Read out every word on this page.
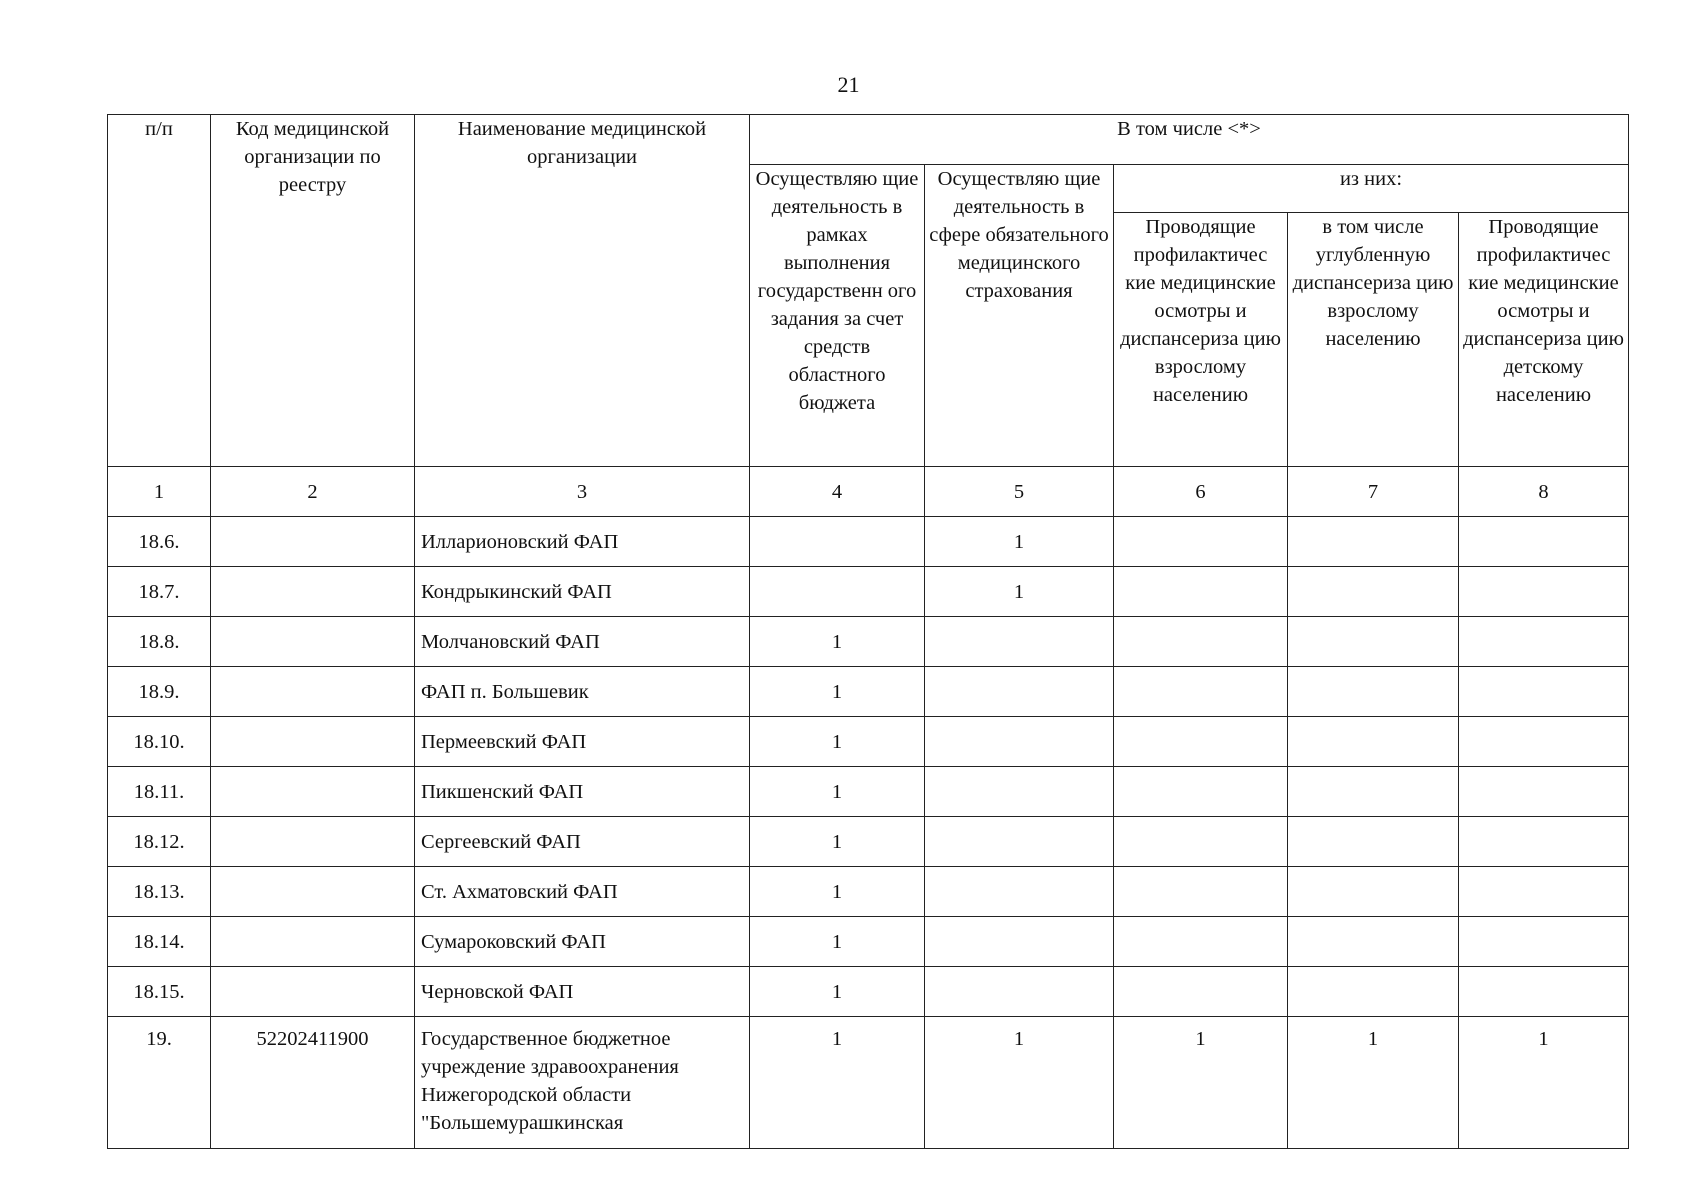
21
п/п	Код медицинской организации по реестру	Наименование медицинской организации	В том числе <*>				
			Осуществляю щие деятельность в рамках выполнения государственн ого задания за счет средств областного бюджета	Осуществляю щие деятельность в сфере обязательного медицинского страхования	из них:		
					Проводящие профилактичес кие медицинские осмотры и диспансериза цию взрослому населению	в том числе углубленную диспансериза цию взрослому населению	Проводящие профилактичес кие медицинские осмотры и диспансериза цию детскому населению
1	2	3	4	5	6	7	8
18.6.		Илларионовский ФАП		1			
18.7.		Кондрыкинский ФАП		1			
18.8.		Молчановский ФАП	1				
18.9.		ФАП п. Большевик	1				
18.10.		Пермеевский ФАП	1				
18.11.		Пикшенский ФАП	1				
18.12.		Сергеевский ФАП	1				
18.13.		Ст. Ахматовский ФАП	1				
18.14.		Сумароковский ФАП	1				
18.15.		Черновской ФАП	1				
19.	52202411900	Государственное бюджетное учреждение здравоохранения Нижегородской области "Большемурашкинская	1	1	1	1	1
